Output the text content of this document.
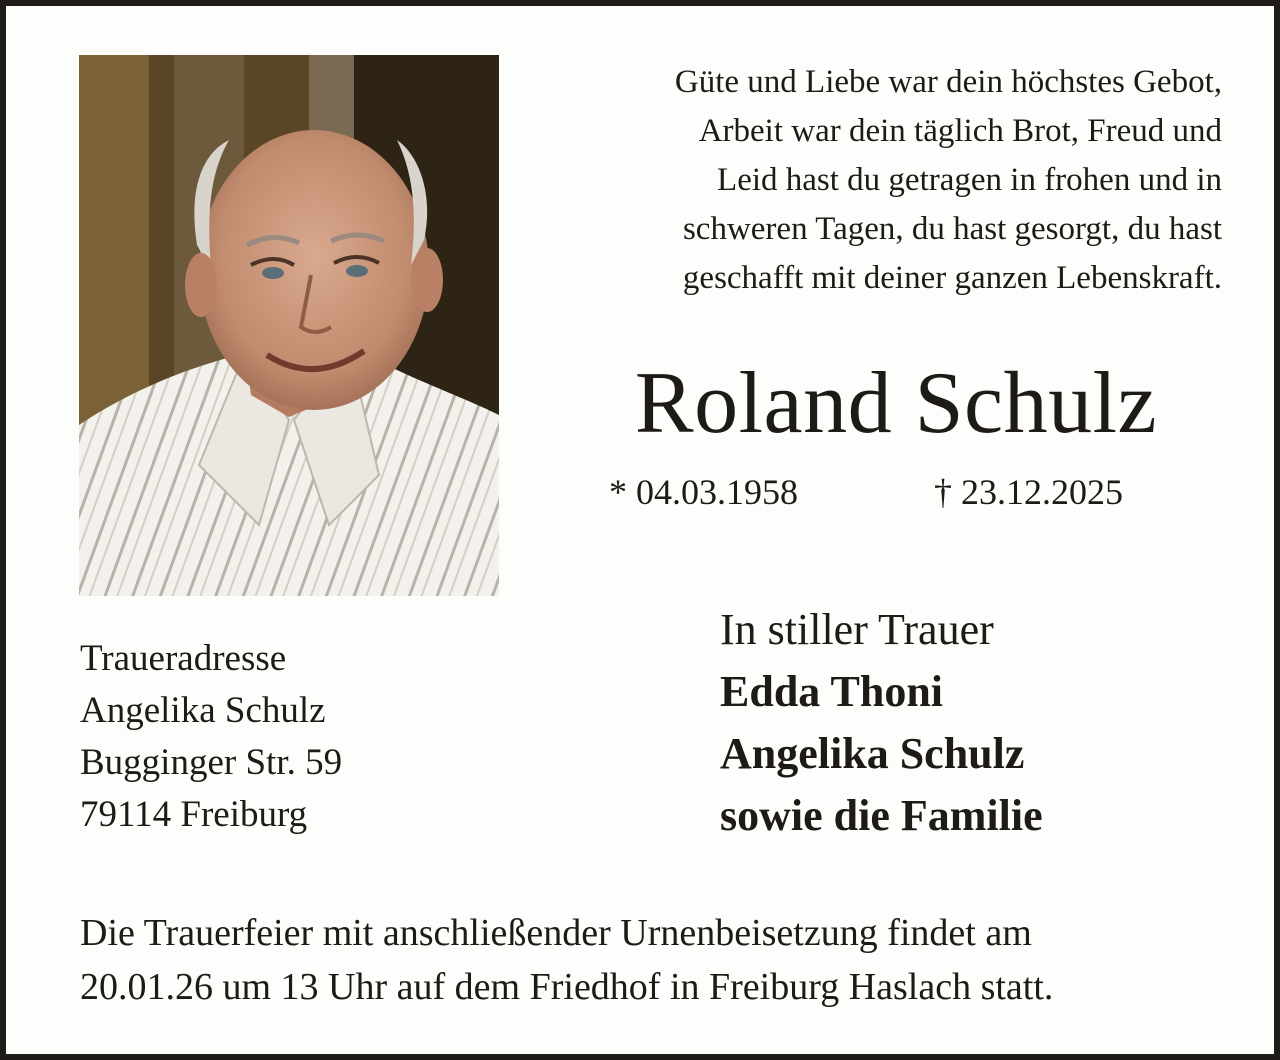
Güte und Liebe war dein höchstes Gebot,
Arbeit war dein täglich Brot, Freud und
Leid hast du getragen in frohen und in
schweren Tagen, du hast gesorgt, du hast
geschafft mit deiner ganzen Lebenskraft.
Roland Schulz
* 04.03.1958	† 23.12.2025
Traueradresse
Angelika Schulz
Bugginger Str. 59
79114 Freiburg
In stiller Trauer
Edda Thoni
Angelika Schulz
sowie die Familie
Die Trauerfeier mit anschließender Urnenbeisetzung findet am
20.01.26 um 13 Uhr auf dem Friedhof in Freiburg Haslach statt.
